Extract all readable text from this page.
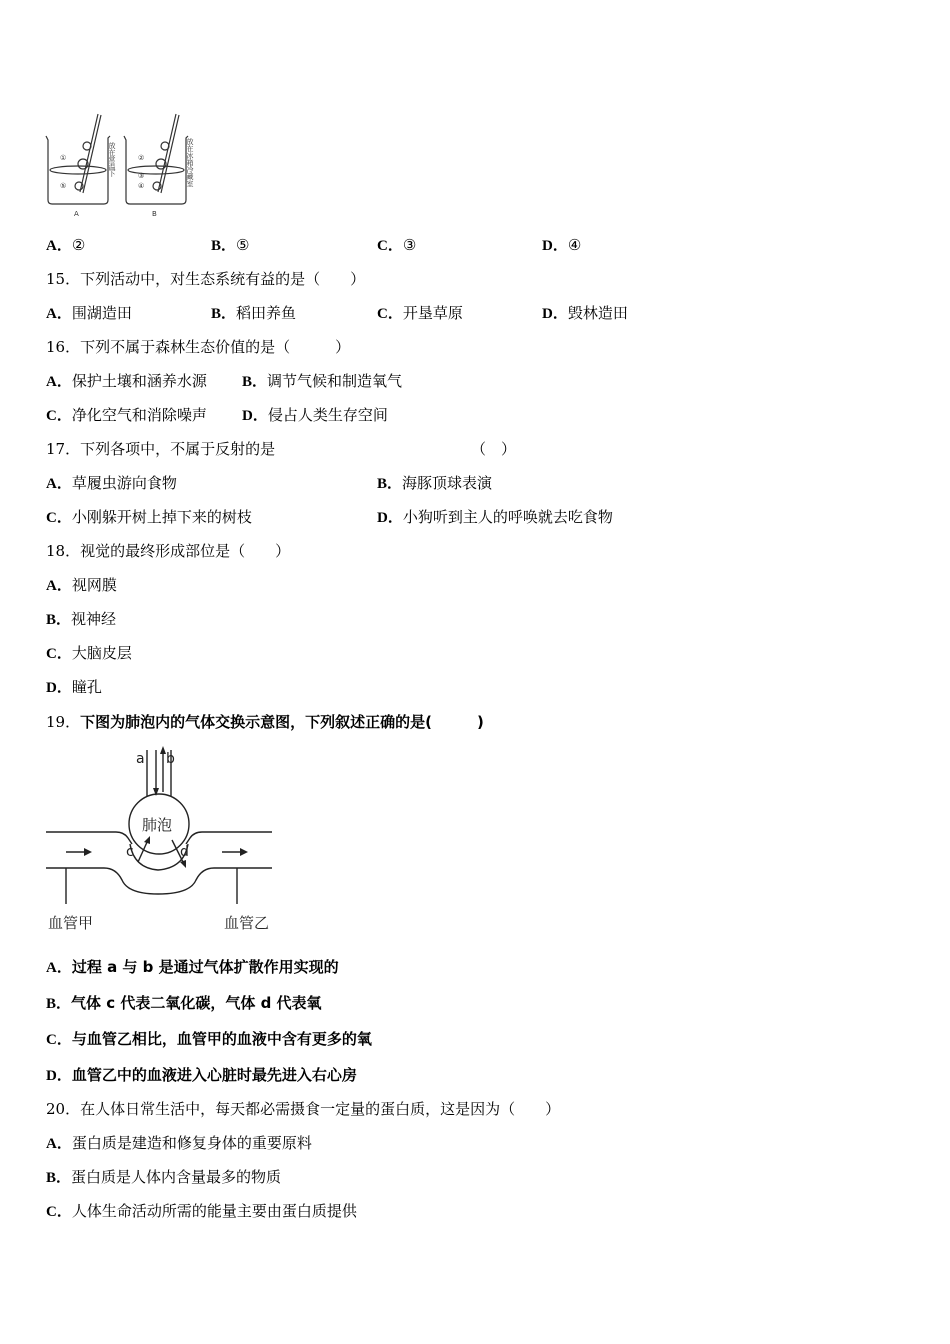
①
⑤
②
③
④
A	B
放在常温下	放在冰箱冷藏室
A．②	B．⑤	C．③	D．④
15．下列活动中，对生态系统有益的是（　　）
A．围湖造田	B．稻田养鱼	C．开垦草原	D．毁林造田
16．下列不属于森林生态价值的是（　　　）
A．保护土壤和涵养水源 B．调节气候和制造氧气
C．净化空气和消除噪声 D．侵占人类生存空间
17．下列各项中，不属于反射的是	（　）
A．草履虫游向食物	B．海豚顶球表演
C．小刚躲开树上掉下来的树枝	D．小狗听到主人的呼唤就去吃食物
18．视觉的最终形成部位是（　　）
A．视网膜
B．视神经
C．大脑皮层
D．瞳孔
19．下图为肺泡内的气体交换示意图，下列叙述正确的是(　　　)
a b
c	d
肺泡
血管甲	血管乙
A．过程 a 与 b 是通过气体扩散作用实现的
B．气体 c 代表二氧化碳，气体 d 代表氧
C．与血管乙相比，血管甲的血液中含有更多的氧
D．血管乙中的血液进入心脏时最先进入右心房
20．在人体日常生活中，每天都必需摄食一定量的蛋白质，这是因为（　　）
A．蛋白质是建造和修复身体的重要原料
B．蛋白质是人体内含量最多的物质
C．人体生命活动所需的能量主要由蛋白质提供
